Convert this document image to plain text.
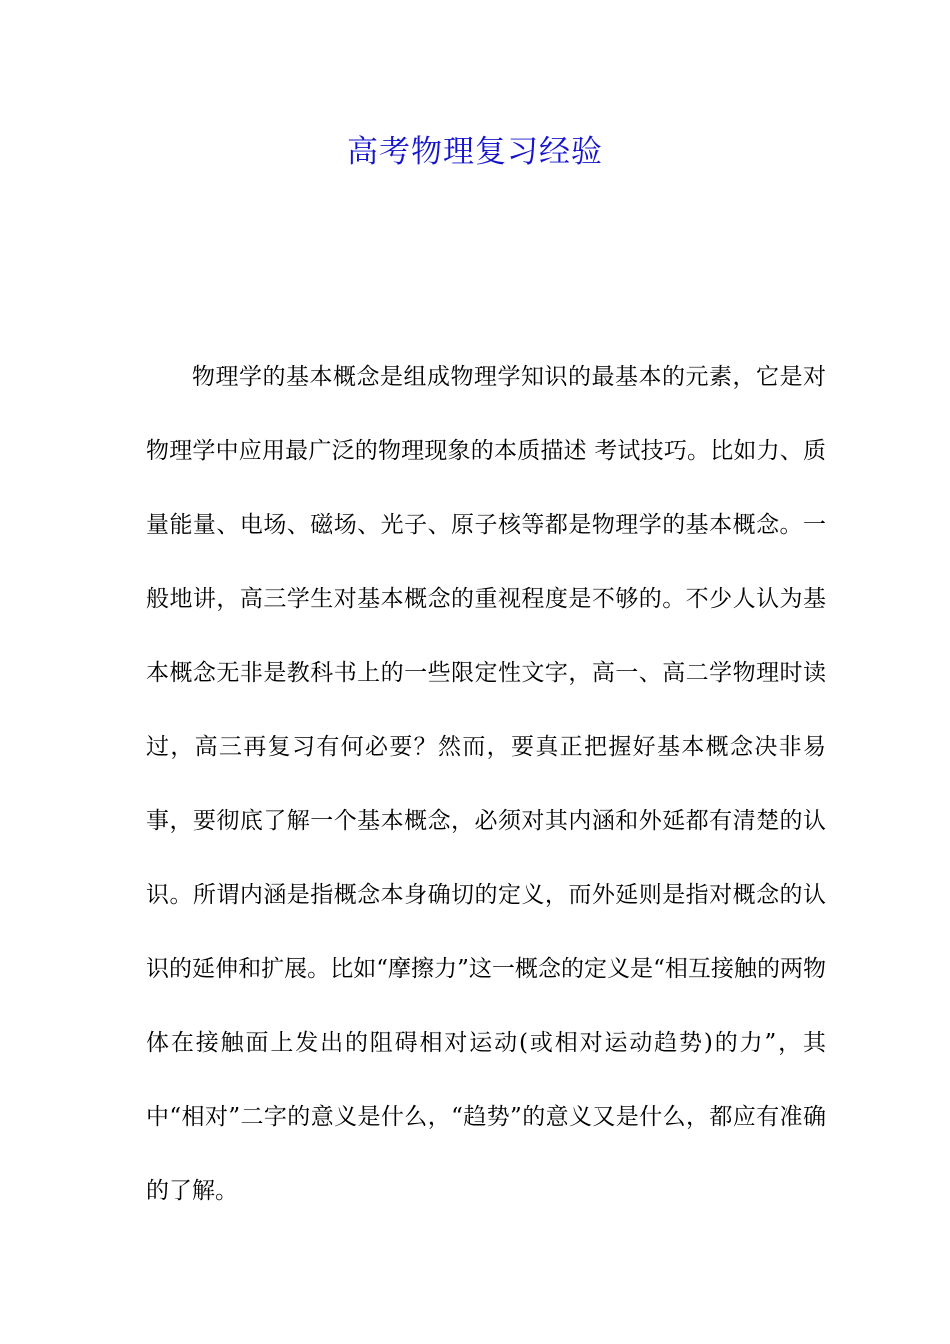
高考物理复习经验

物理学的基本概念是组成物理学知识的最基本的元素，它是对物理学中应用最广泛的物理现象的本质描述 考试技巧。比如力、质量能量、电场、磁场、光子、原子核等都是物理学的基本概念。一般地讲，高三学生对基本概念的重视程度是不够的。不少人认为基本概念无非是教科书上的一些限定性文字，高一、高二学物理时读过，高三再复习有何必要？然而，要真正把握好基本概念决非易事，要彻底了解一个基本概念，必须对其内涵和外延都有清楚的认识。所谓内涵是指概念本身确切的定义，而外延则是指对概念的认识的延伸和扩展。比如“摩擦力”这一概念的定义是“相互接触的两物体在接触面上发出的阻碍相对运动(或相对运动趋势)的力”，其中“相对”二字的意义是什么，“趋势”的意义又是什么，都应有准确的了解。
